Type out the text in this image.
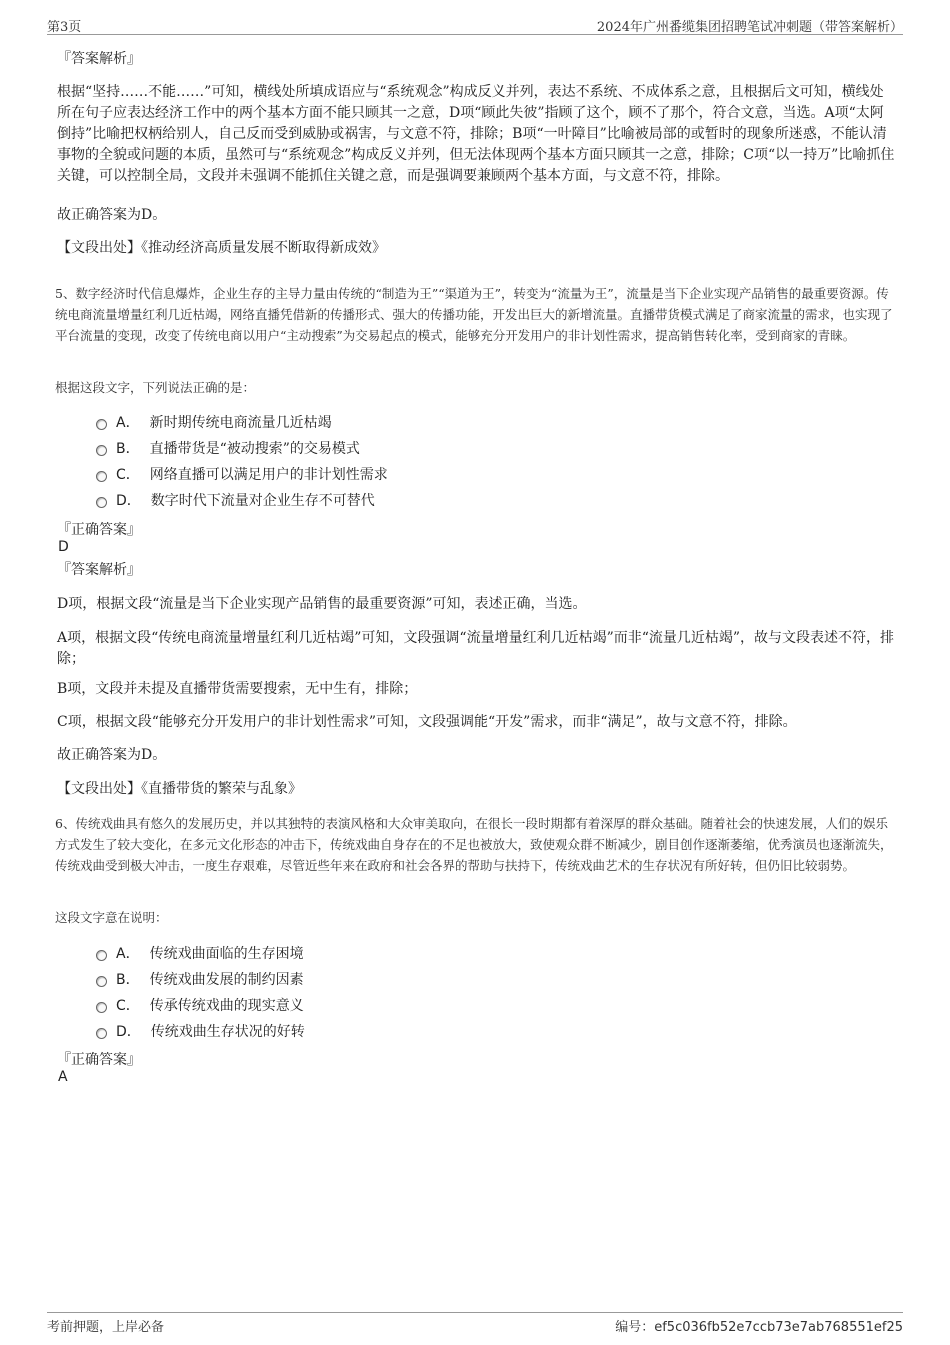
第3页	2024年广州番缆集团招聘笔试冲刺题（带答案解析）
『答案解析』
根据“坚持……不能……”可知，横线处所填成语应与“系统观念”构成反义并列，表达不系统、不成体系之意，且根据后文可知，横线处所在句子应表达经济工作中的两个基本方面不能只顾其一之意，D项“顾此失彼”指顾了这个，顾不了那个，符合文意，当选。A项“太阿倒持”比喻把权柄给别人，自己反而受到威胁或祸害，与文意不符，排除；B项“一叶障目”比喻被局部的或暂时的现象所迷惑，不能认清事物的全貌或问题的本质，虽然可与“系统观念”构成反义并列，但无法体现两个基本方面只顾其一之意，排除；C项“以一持万”比喻抓住关键，可以控制全局，文段并未强调不能抓住关键之意，而是强调要兼顾两个基本方面，与文意不符，排除。
故正确答案为D。
【文段出处】《推动经济高质量发展不断取得新成效》
5、数字经济时代信息爆炸，企业生存的主导力量由传统的“制造为王”“渠道为王”，转变为“流量为王”，流量是当下企业实现产品销售的最重要资源。传统电商流量增量红利几近枯竭，网络直播凭借新的传播形式、强大的传播功能，开发出巨大的新增流量。直播带货模式满足了商家流量的需求，也实现了平台流量的变现，改变了传统电商以用户“主动搜索”为交易起点的模式，能够充分开发用户的非计划性需求，提高销售转化率，受到商家的青睐。
根据这段文字，下列说法正确的是：
A． 新时期传统电商流量几近枯竭
B． 直播带货是“被动搜索”的交易模式
C． 网络直播可以满足用户的非计划性需求
D． 数字时代下流量对企业生存不可替代
『正确答案』
D
『答案解析』
D项，根据文段“流量是当下企业实现产品销售的最重要资源”可知，表述正确，当选。
A项，根据文段“传统电商流量增量红利几近枯竭”可知，文段强调“流量增量红利几近枯竭”而非“流量几近枯竭”，故与文段表述不符，排除；
B项，文段并未提及直播带货需要搜索，无中生有，排除；
C项，根据文段“能够充分开发用户的非计划性需求”可知，文段强调能“开发”需求，而非“满足”，故与文意不符，排除。
故正确答案为D。
【文段出处】《直播带货的繁荣与乱象》
6、传统戏曲具有悠久的发展历史，并以其独特的表演风格和大众审美取向，在很长一段时期都有着深厚的群众基础。随着社会的快速发展，人们的娱乐方式发生了较大变化，在多元文化形态的冲击下，传统戏曲自身存在的不足也被放大，致使观众群不断减少，剧目创作逐渐萎缩，优秀演员也逐渐流失，传统戏曲受到极大冲击，一度生存艰难，尽管近些年来在政府和社会各界的帮助与扶持下，传统戏曲艺术的生存状况有所好转，但仍旧比较弱势。
这段文字意在说明：
A． 传统戏曲面临的生存困境
B． 传统戏曲发展的制约因素
C． 传承传统戏曲的现实意义
D． 传统戏曲生存状况的好转
『正确答案』
A
考前押题，上岸必备	编号：ef5c036fb52e7ccb73e7ab768551ef25
